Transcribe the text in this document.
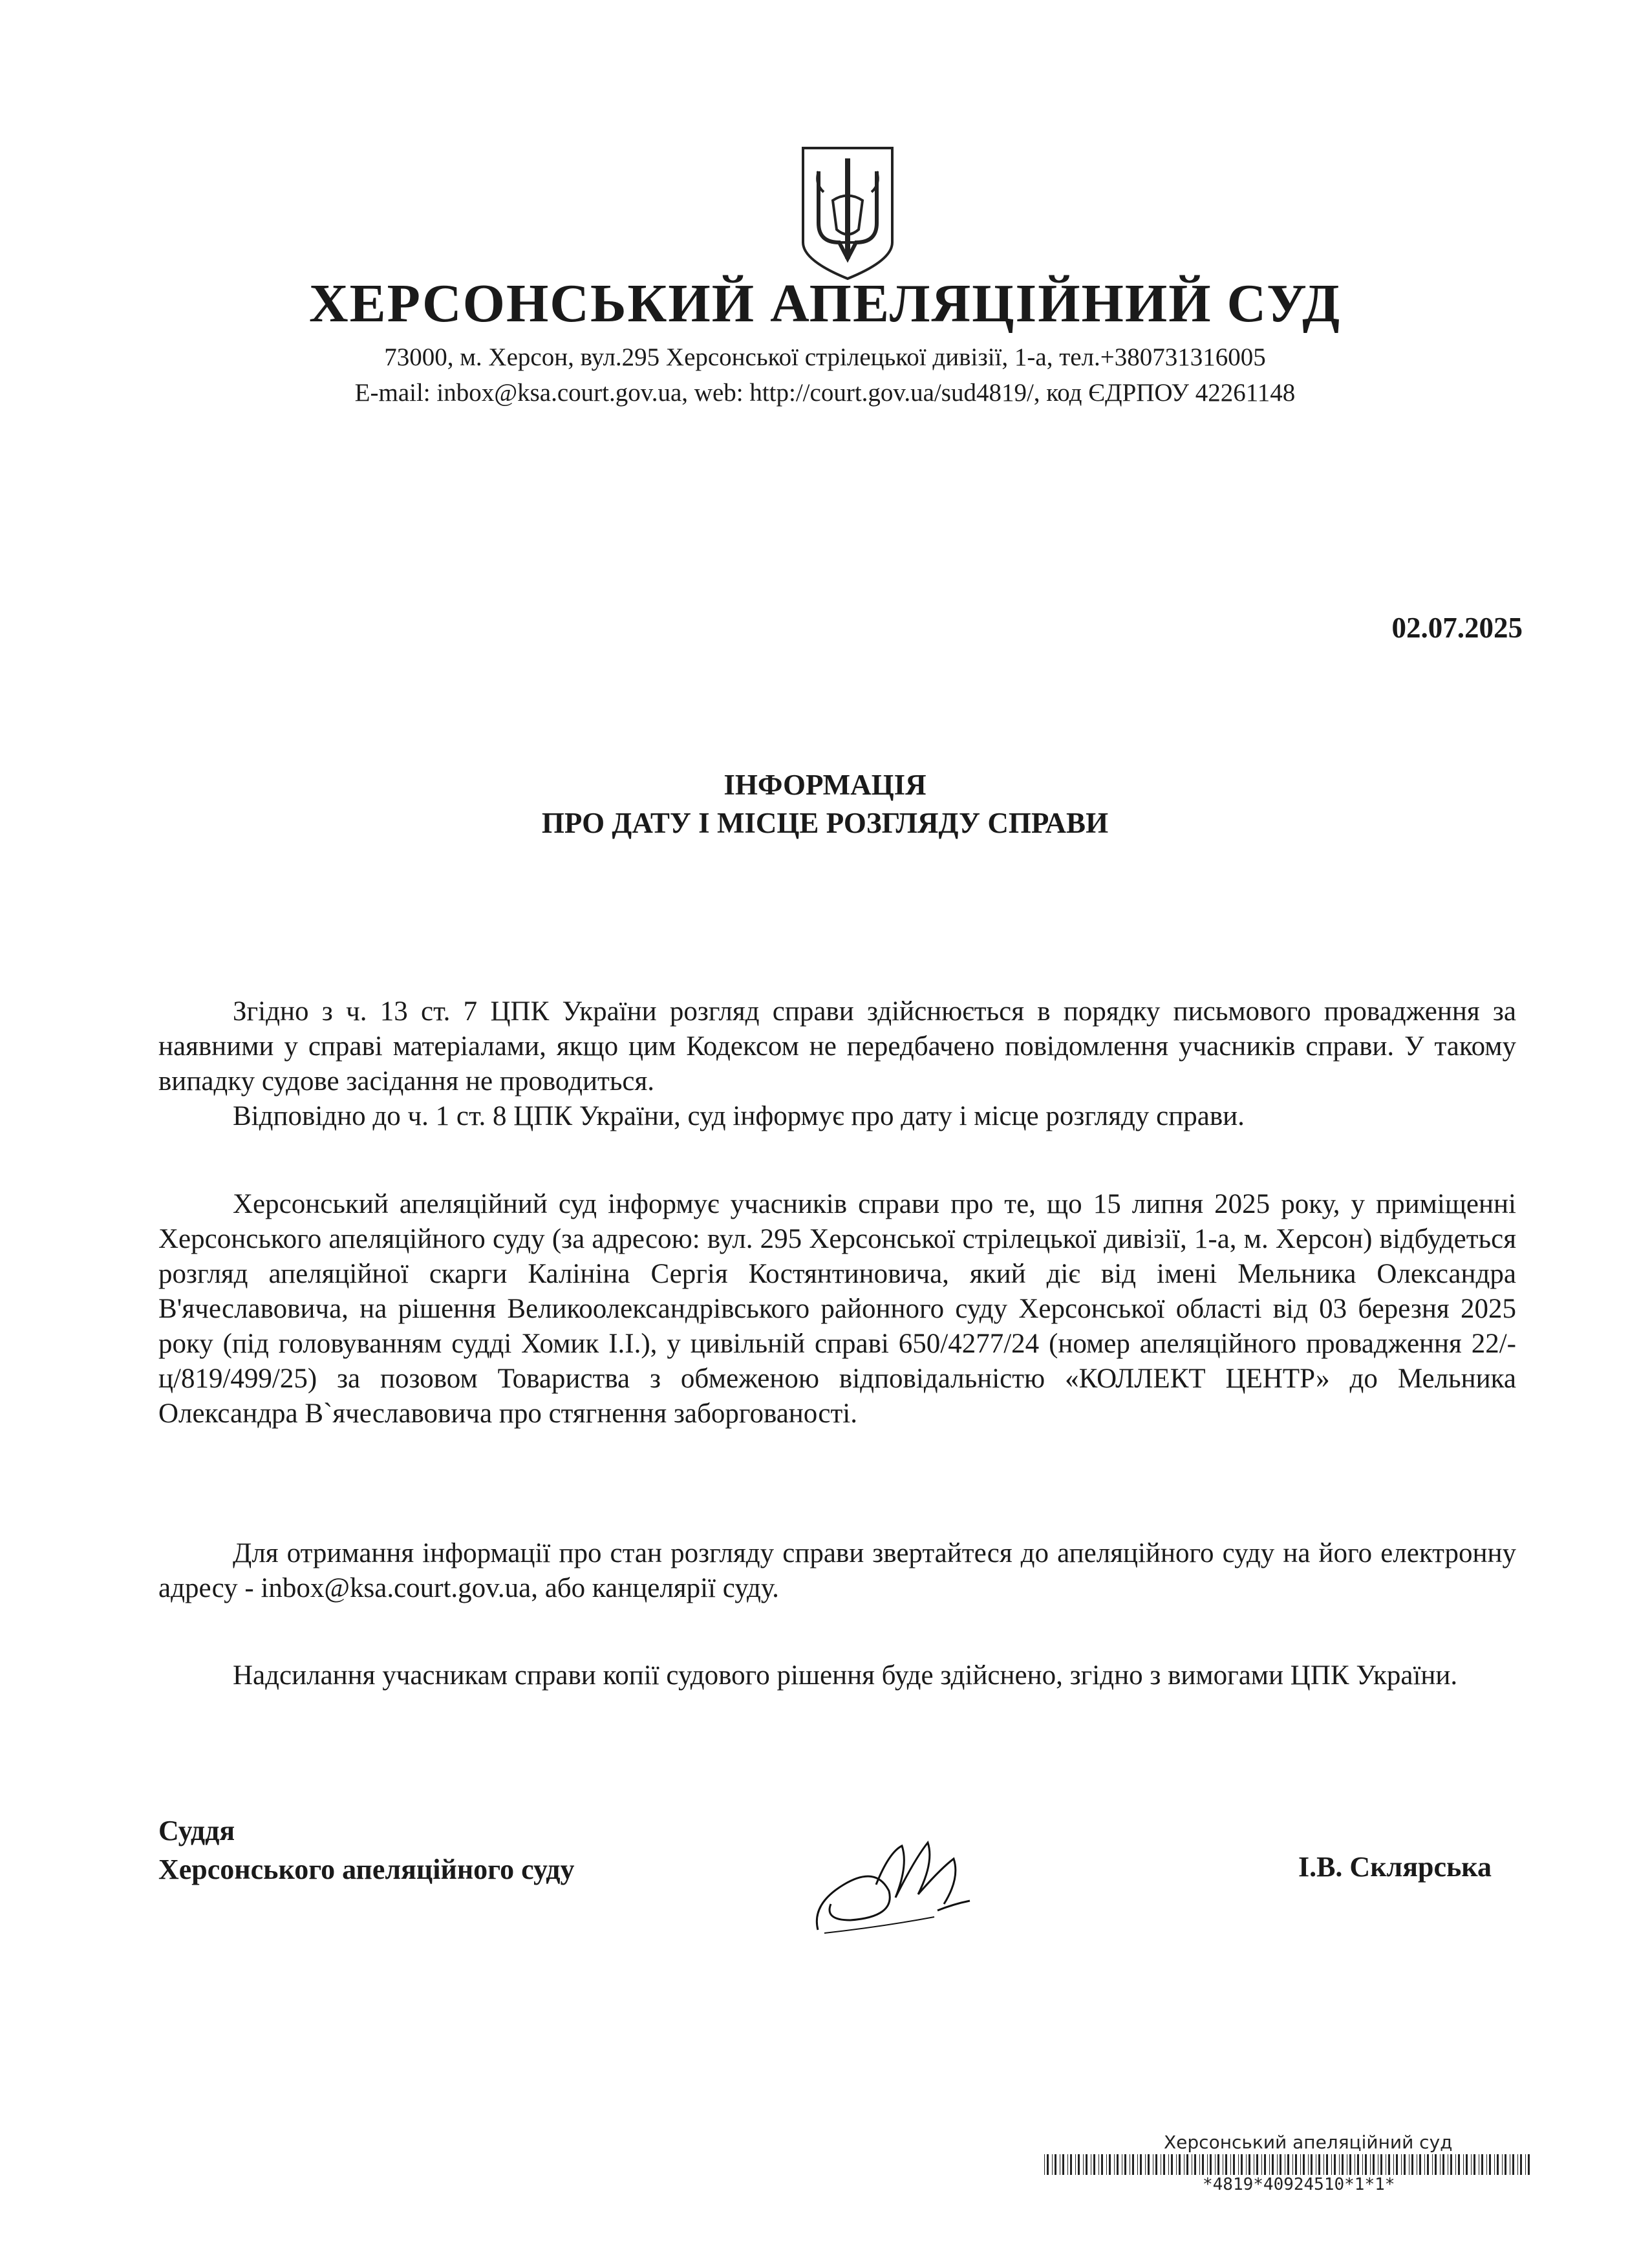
ХЕРСОНСЬКИЙ АПЕЛЯЦІЙНИЙ СУД
73000, м. Херсон, вул.295 Херсонської стрілецької дивізії, 1-а, тел.+380731316005
E-mail: inbox@ksa.court.gov.ua, web: http://court.gov.ua/sud4819/, код ЄДРПОУ 42261148
02.07.2025
ІНФОРМАЦІЯ
ПРО ДАТУ І МІСЦЕ РОЗГЛЯДУ СПРАВИ

Згідно з ч. 13 ст. 7 ЦПК України розгляд справи здійснюється в порядку письмового провадження за наявними у справі матеріалами, якщо цим Кодексом не передбачено повідомлення учасників справи. У такому випадку судове засідання не проводиться.

Відповідно до ч. 1 ст. 8 ЦПК України, суд інформує про дату і місце розгляду справи.

Херсонський апеляційний суд інформує учасників справи про те, що 15 липня 2025 року, у приміщенні Херсонського апеляційного суду (за адресою: вул. 295 Херсонської стрілецької дивізії, 1-а, м. Херсон) відбудеться розгляд апеляційної скарги Калініна Сергія Костянтиновича, який діє від імені Мельника Олександра В'ячеславовича, на рішення Великоолександрівського районного суду Херсонської області від 03 березня 2025 року (під головуванням судді Хомик І.І.), у цивільній справі 650/4277/24 (номер апеляційного провадження 22/-ц/819/499/25) за позовом Товариства з обмеженою відповідальністю «КОЛЛЕКТ ЦЕНТР» до Мельника Олександра В`ячеславовича про стягнення заборгованості.

Для отримання інформації про стан розгляду справи звертайтеся до апеляційного суду на його електронну адресу - inbox@ksa.court.gov.ua, або канцелярії суду.

Надсилання учасникам справи копії судового рішення буде здійснено, згідно з вимогами ЦПК України.

Суддя
Херсонського апеляційного суду	І.В. Склярська
Херсонський апеляційний суд
*4819*40924510*1*1*
